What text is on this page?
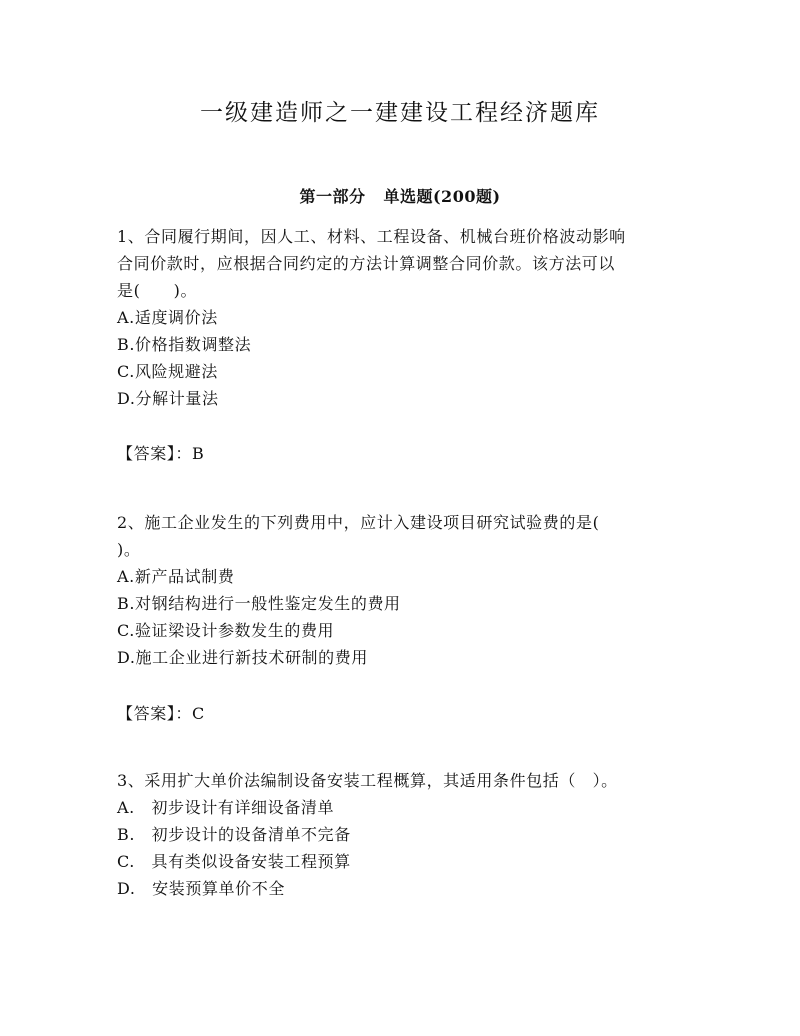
一级建造师之一建建设工程经济题库
第一部分 单选题(200题)
1、合同履行期间，因人工、材料、工程设备、机械台班价格波动影响
合同价款时，应根据合同约定的方法计算调整合同价款。该方法可以
是(　　)。
A.适度调价法
B.价格指数调整法
C.风险规避法
D.分解计量法
【答案】：B
2、施工企业发生的下列费用中，应计入建设项目研究试验费的是(
)。
A.新产品试制费
B.对钢结构进行一般性鉴定发生的费用
C.验证梁设计参数发生的费用
D.施工企业进行新技术研制的费用
【答案】：C
3、采用扩大单价法编制设备安装工程概算，其适用条件包括（　）。
A.　初步设计有详细设备清单
B.　初步设计的设备清单不完备
C.　具有类似设备安装工程预算
D.　安装预算单价不全
